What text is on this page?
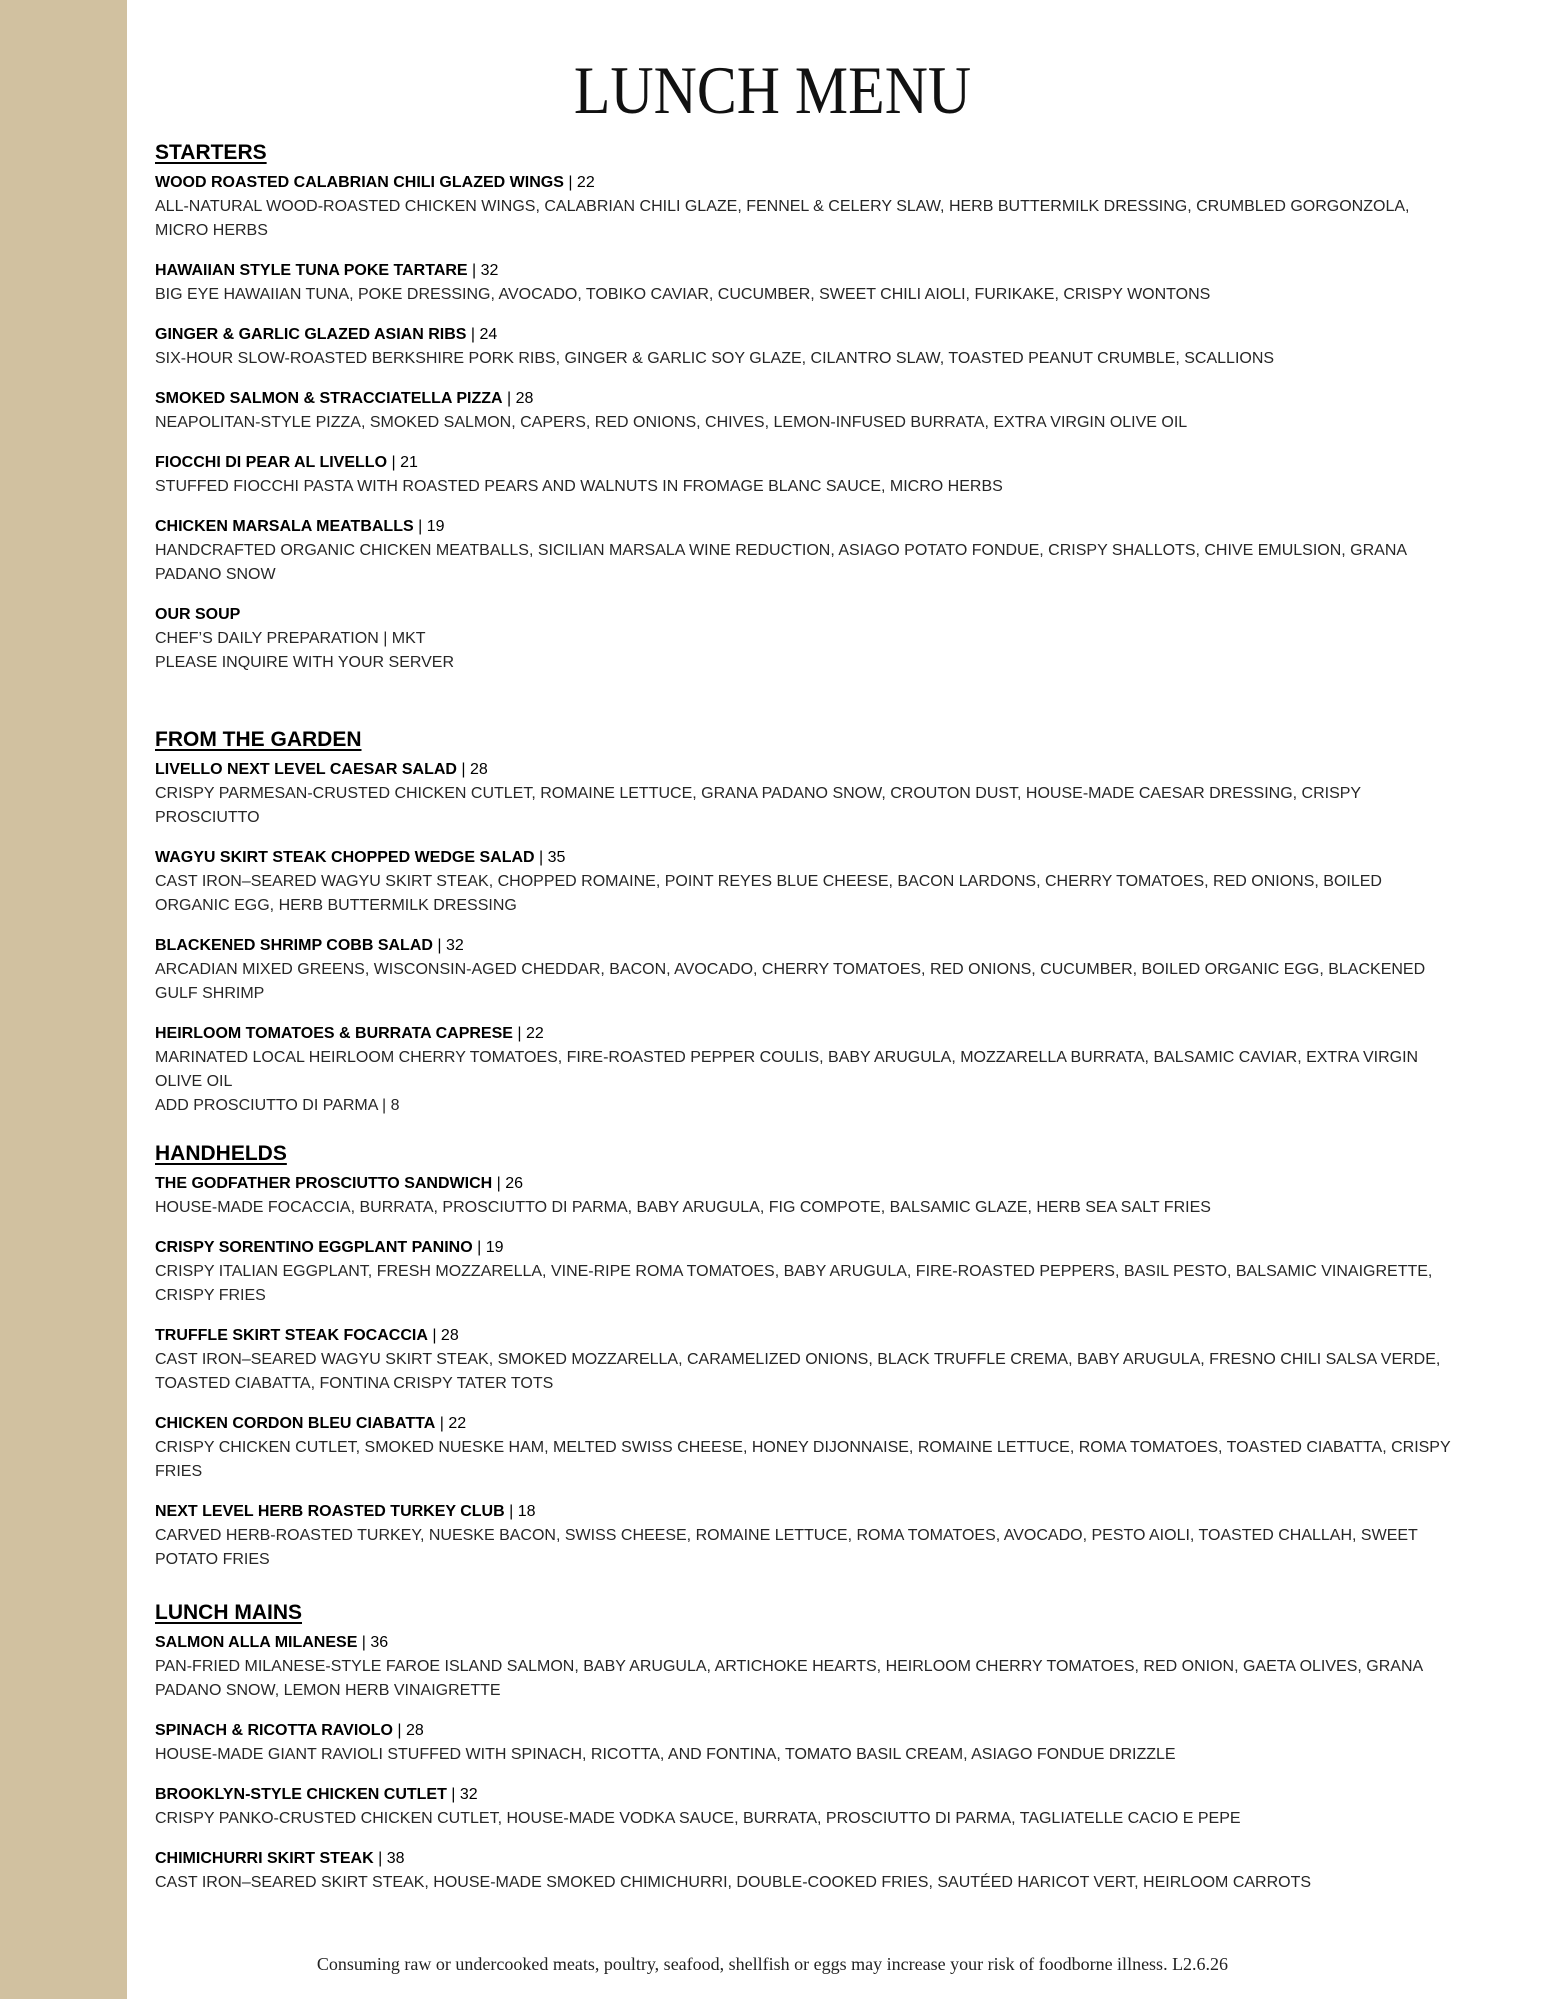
LUNCH MENU
STARTERS
WOOD ROASTED CALABRIAN CHILI GLAZED WINGS | 22
ALL-NATURAL WOOD-ROASTED CHICKEN WINGS, CALABRIAN CHILI GLAZE, FENNEL & CELERY SLAW, HERB BUTTERMILK DRESSING, CRUMBLED GORGONZOLA, MICRO HERBS
HAWAIIAN STYLE TUNA POKE TARTARE | 32
BIG EYE HAWAIIAN TUNA, POKE DRESSING, AVOCADO, TOBIKO CAVIAR, CUCUMBER, SWEET CHILI AIOLI, FURIKAKE, CRISPY WONTONS
GINGER & GARLIC GLAZED ASIAN RIBS | 24
SIX-HOUR SLOW-ROASTED BERKSHIRE PORK RIBS, GINGER & GARLIC SOY GLAZE, CILANTRO SLAW, TOASTED PEANUT CRUMBLE, SCALLIONS
SMOKED SALMON & STRACCIATELLA PIZZA | 28
NEAPOLITAN-STYLE PIZZA, SMOKED SALMON, CAPERS, RED ONIONS, CHIVES, LEMON-INFUSED BURRATA, EXTRA VIRGIN OLIVE OIL
FIOCCHI DI PEAR AL LIVELLO | 21
STUFFED FIOCCHI PASTA WITH ROASTED PEARS AND WALNUTS IN FROMAGE BLANC SAUCE, MICRO HERBS
CHICKEN MARSALA MEATBALLS | 19
HANDCRAFTED ORGANIC CHICKEN MEATBALLS, SICILIAN MARSALA WINE REDUCTION, ASIAGO POTATO FONDUE, CRISPY SHALLOTS, CHIVE EMULSION, GRANA PADANO SNOW
OUR SOUP
CHEF’S DAILY PREPARATION | MKT
PLEASE INQUIRE WITH YOUR SERVER
FROM THE GARDEN
LIVELLO NEXT LEVEL CAESAR SALAD | 28
CRISPY PARMESAN-CRUSTED CHICKEN CUTLET, ROMAINE LETTUCE, GRANA PADANO SNOW, CROUTON DUST, HOUSE-MADE CAESAR DRESSING, CRISPY PROSCIUTTO
WAGYU SKIRT STEAK CHOPPED WEDGE SALAD | 35
CAST IRON–SEARED WAGYU SKIRT STEAK, CHOPPED ROMAINE, POINT REYES BLUE CHEESE, BACON LARDONS, CHERRY TOMATOES, RED ONIONS, BOILED ORGANIC EGG, HERB BUTTERMILK DRESSING
BLACKENED SHRIMP COBB SALAD | 32
ARCADIAN MIXED GREENS, WISCONSIN-AGED CHEDDAR, BACON, AVOCADO, CHERRY TOMATOES, RED ONIONS, CUCUMBER, BOILED ORGANIC EGG, BLACKENED GULF SHRIMP
HEIRLOOM TOMATOES & BURRATA CAPRESE | 22
MARINATED LOCAL HEIRLOOM CHERRY TOMATOES, FIRE-ROASTED PEPPER COULIS, BABY ARUGULA, MOZZARELLA BURRATA, BALSAMIC CAVIAR, EXTRA VIRGIN OLIVE OIL
ADD PROSCIUTTO DI PARMA | 8
HANDHELDS
THE GODFATHER PROSCIUTTO SANDWICH | 26
HOUSE-MADE FOCACCIA, BURRATA, PROSCIUTTO DI PARMA, BABY ARUGULA, FIG COMPOTE, BALSAMIC GLAZE, HERB SEA SALT FRIES
CRISPY SORENTINO EGGPLANT PANINO | 19
CRISPY ITALIAN EGGPLANT, FRESH MOZZARELLA, VINE-RIPE ROMA TOMATOES, BABY ARUGULA, FIRE-ROASTED PEPPERS, BASIL PESTO, BALSAMIC VINAIGRETTE, CRISPY FRIES
TRUFFLE SKIRT STEAK FOCACCIA | 28
CAST IRON–SEARED WAGYU SKIRT STEAK, SMOKED MOZZARELLA, CARAMELIZED ONIONS, BLACK TRUFFLE CREMA, BABY ARUGULA, FRESNO CHILI SALSA VERDE, TOASTED CIABATTA, FONTINA CRISPY TATER TOTS
CHICKEN CORDON BLEU CIABATTA | 22
CRISPY CHICKEN CUTLET, SMOKED NUESKE HAM, MELTED SWISS CHEESE, HONEY DIJONNAISE, ROMAINE LETTUCE, ROMA TOMATOES, TOASTED CIABATTA, CRISPY FRIES
NEXT LEVEL HERB ROASTED TURKEY CLUB | 18
CARVED HERB-ROASTED TURKEY, NUESKE BACON, SWISS CHEESE, ROMAINE LETTUCE, ROMA TOMATOES, AVOCADO, PESTO AIOLI, TOASTED CHALLAH, SWEET POTATO FRIES
LUNCH MAINS
SALMON ALLA MILANESE | 36
PAN-FRIED MILANESE-STYLE FAROE ISLAND SALMON, BABY ARUGULA, ARTICHOKE HEARTS, HEIRLOOM CHERRY TOMATOES, RED ONION, GAETA OLIVES, GRANA PADANO SNOW, LEMON HERB VINAIGRETTE
SPINACH & RICOTTA RAVIOLO | 28
HOUSE-MADE GIANT RAVIOLI STUFFED WITH SPINACH, RICOTTA, AND FONTINA, TOMATO BASIL CREAM, ASIAGO FONDUE DRIZZLE
BROOKLYN-STYLE CHICKEN CUTLET | 32
CRISPY PANKO-CRUSTED CHICKEN CUTLET, HOUSE-MADE VODKA SAUCE, BURRATA, PROSCIUTTO DI PARMA, TAGLIATELLE CACIO E PEPE
CHIMICHURRI SKIRT STEAK | 38
CAST IRON–SEARED SKIRT STEAK, HOUSE-MADE SMOKED CHIMICHURRI, DOUBLE-COOKED FRIES, SAUTÉED HARICOT VERT, HEIRLOOM CARROTS
Consuming raw or undercooked meats, poultry, seafood, shellfish or eggs may increase your risk of foodborne illness. L2.6.26
